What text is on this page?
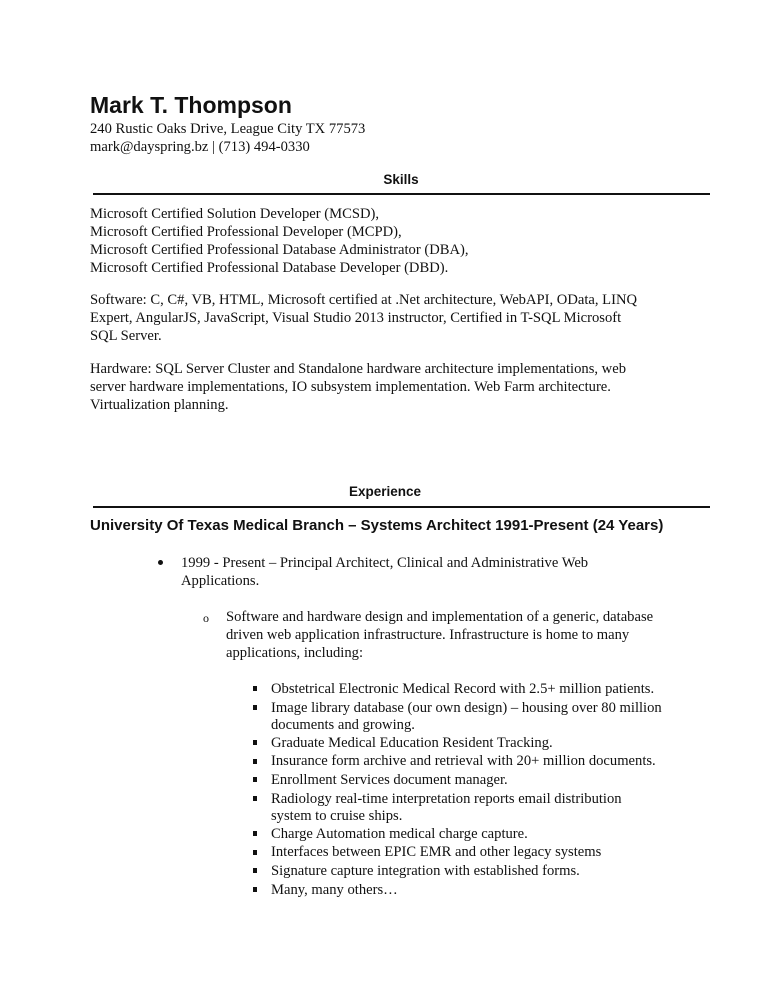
Mark T. Thompson
240 Rustic Oaks Drive, League City TX 77573
mark@dayspring.bz | (713) 494-0330
Skills
Microsoft Certified Solution Developer (MCSD),
Microsoft Certified Professional Developer (MCPD),
Microsoft Certified Professional Database Administrator (DBA),
Microsoft Certified Professional Database Developer (DBD).
Software: C, C#, VB, HTML, Microsoft certified at .Net architecture, WebAPI, OData, LINQ
Expert, AngularJS, JavaScript, Visual Studio 2013 instructor, Certified in T-SQL Microsoft
SQL Server.
Hardware: SQL Server Cluster and Standalone hardware architecture implementations, web
server hardware implementations, IO subsystem implementation. Web Farm architecture.
Virtualization planning.
Experience
University Of Texas Medical Branch – Systems Architect 1991-Present (24 Years)
1999 - Present – Principal Architect, Clinical and Administrative Web
Applications.
o Software and hardware design and implementation of a generic, database
driven web application infrastructure. Infrastructure is home to many
applications, including:
Obstetrical Electronic Medical Record with 2.5+ million patients.
Image library database (our own design) – housing over 80 million
documents and growing.
Graduate Medical Education Resident Tracking.
Insurance form archive and retrieval with 20+ million documents.
Enrollment Services document manager.
Radiology real-time interpretation reports email distribution
system to cruise ships.
Charge Automation medical charge capture.
Interfaces between EPIC EMR and other legacy systems
Signature capture integration with established forms.
Many, many others…
